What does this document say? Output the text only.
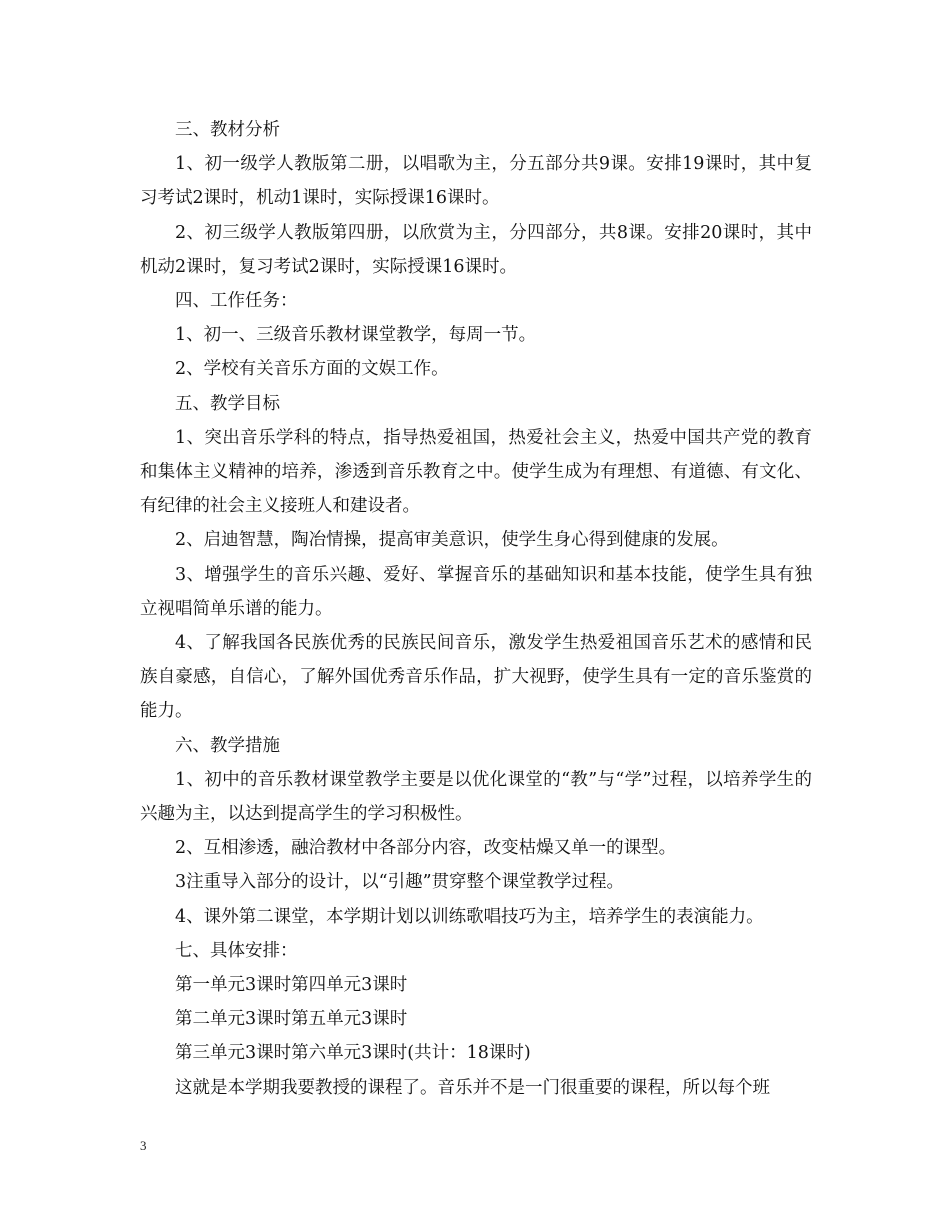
三、教材分析

1、初一级学人教版第二册，以唱歌为主，分五部分共9课。安排19课时，其中复习考试2课时，机动1课时，实际授课16课时。

2、初三级学人教版第四册，以欣赏为主，分四部分，共8课。安排20课时，其中机动2课时，复习考试2课时，实际授课16课时。

四、工作任务：

1、初一、三级音乐教材课堂教学，每周一节。

2、学校有关音乐方面的文娱工作。

五、教学目标

1、突出音乐学科的特点，指导热爱祖国，热爱社会主义，热爱中国共产党的教育和集体主义精神的培养，渗透到音乐教育之中。使学生成为有理想、有道德、有文化、有纪律的社会主义接班人和建设者。

2、启迪智慧，陶冶情操，提高审美意识，使学生身心得到健康的发展。

3、增强学生的音乐兴趣、爱好、掌握音乐的基础知识和基本技能，使学生具有独立视唱简单乐谱的能力。

4、了解我国各民族优秀的民族民间音乐，激发学生热爱祖国音乐艺术的感情和民族自豪感，自信心，了解外国优秀音乐作品，扩大视野，使学生具有一定的音乐鉴赏的能力。

六、教学措施

1、初中的音乐教材课堂教学主要是以优化课堂的“教”与“学”过程，以培养学生的兴趣为主，以达到提高学生的学习积极性。

2、互相渗透，融洽教材中各部分内容，改变枯燥又单一的课型。

3注重导入部分的设计，以“引趣”贯穿整个课堂教学过程。

4、课外第二课堂，本学期计划以训练歌唱技巧为主，培养学生的表演能力。

七、具体安排：

第一单元3课时第四单元3课时

第二单元3课时第五单元3课时

第三单元3课时第六单元3课时(共计：18课时)

这就是本学期我要教授的课程了。音乐并不是一门很重要的课程，所以每个班

3
